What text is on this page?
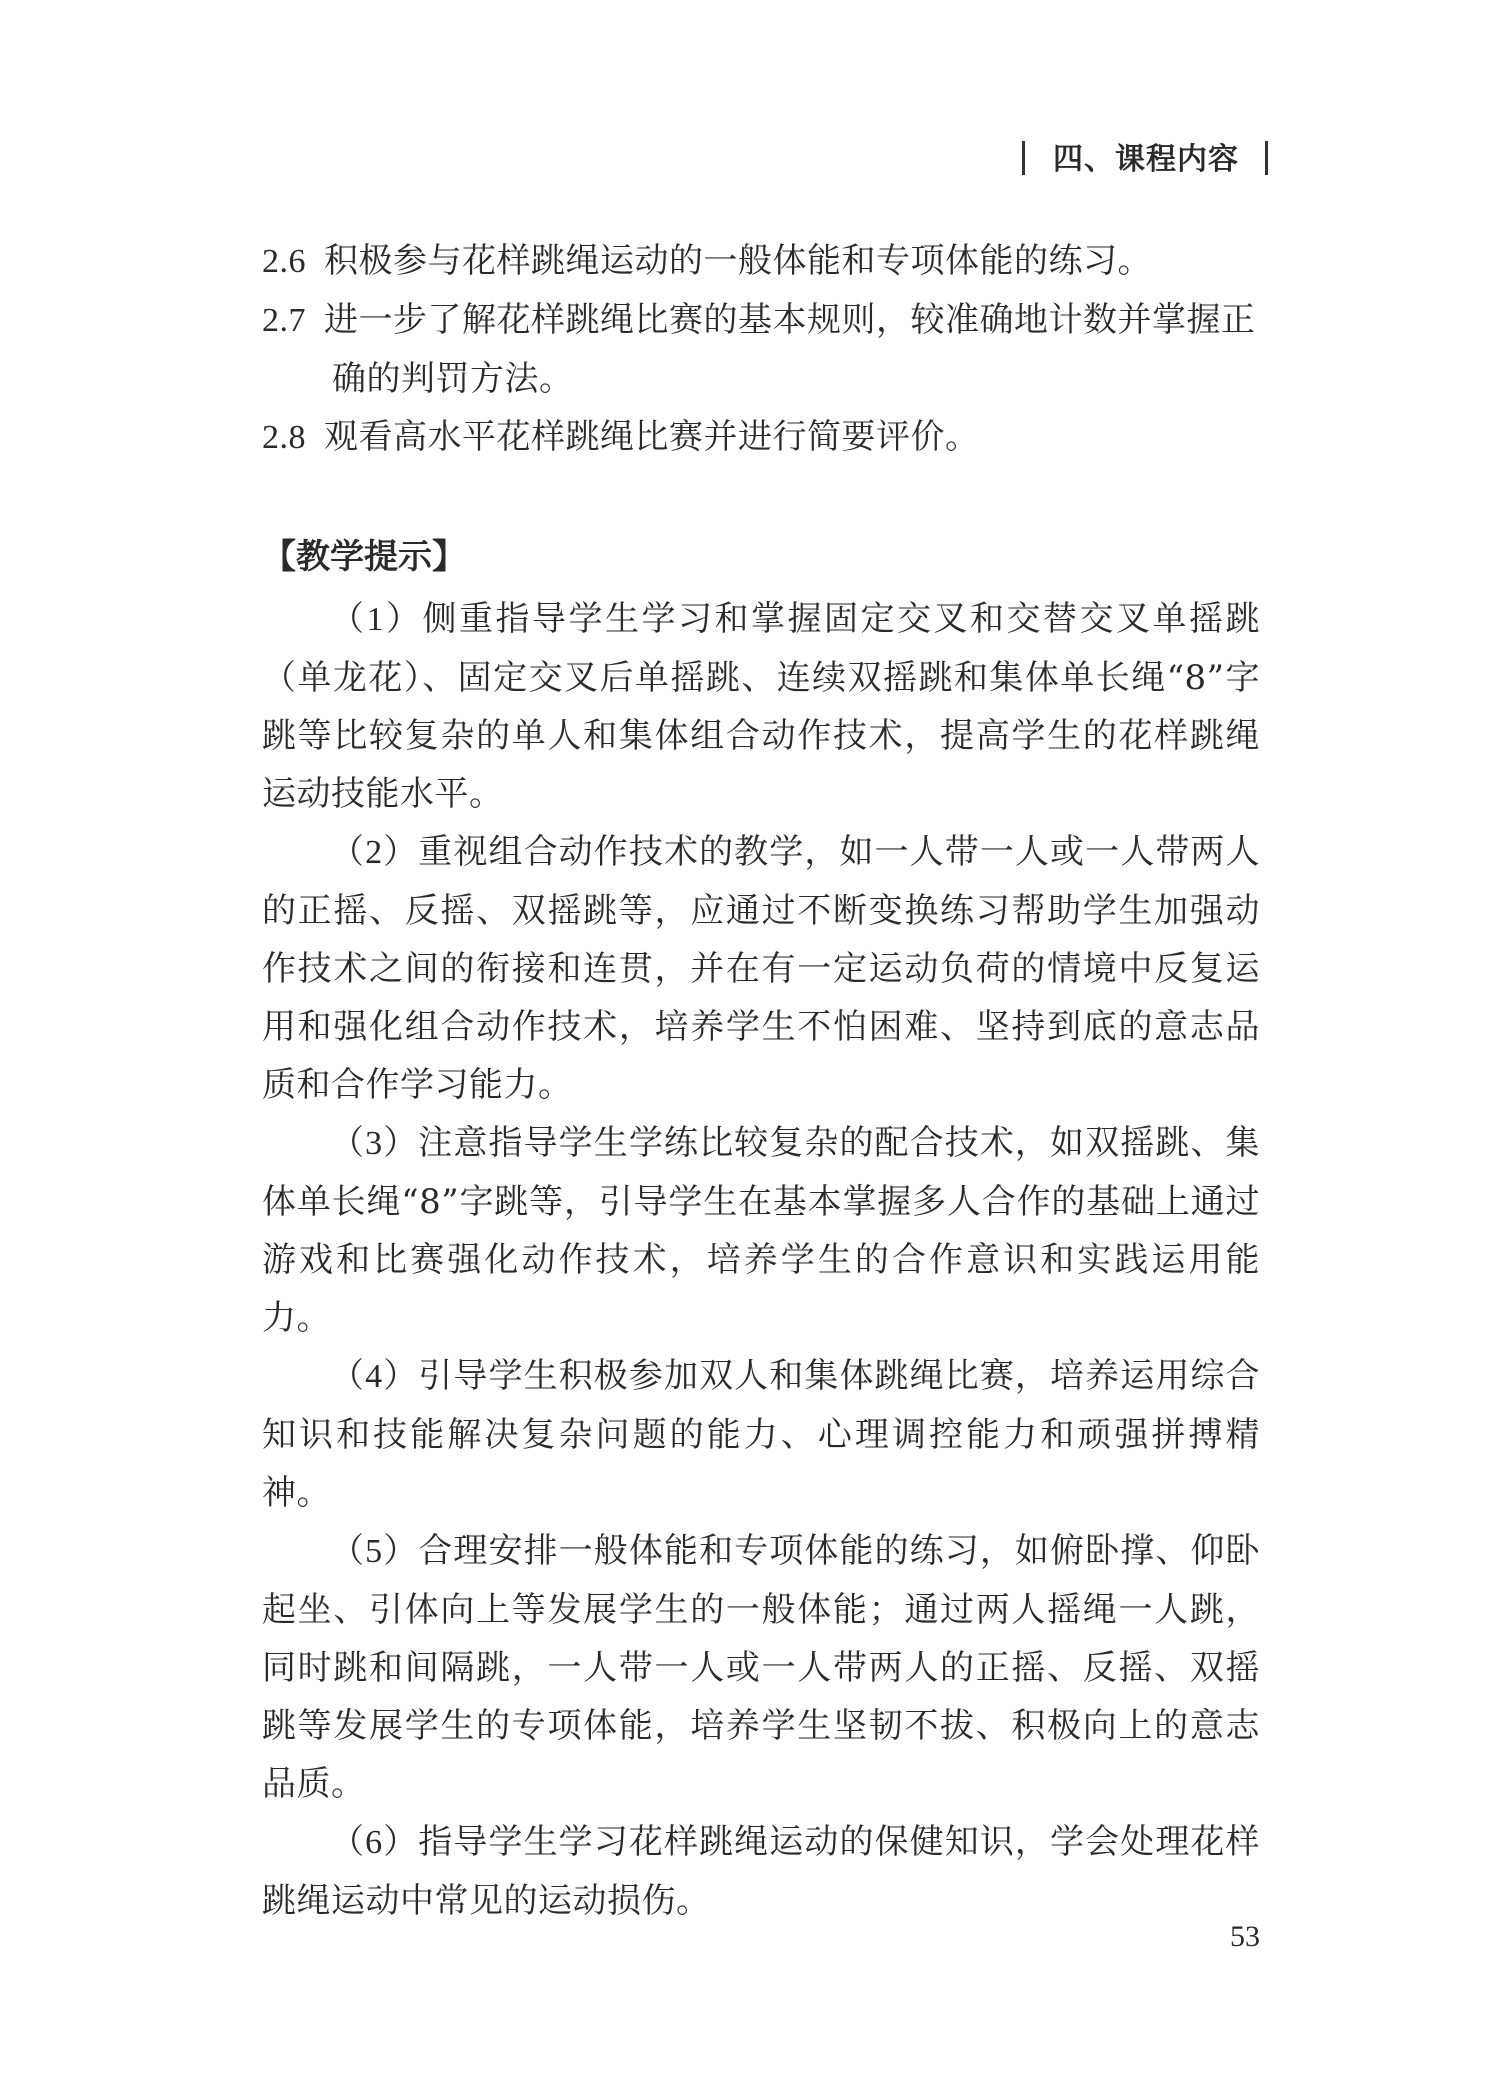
四、课程内容

2.6 积极参与花样跳绳运动的一般体能和专项体能的练习。

2.7 进一步了解花样跳绳比赛的基本规则，较准确地计数并掌握正确的判罚方法。

2.8 观看高水平花样跳绳比赛并进行简要评价。

【教学提示】

（1）侧重指导学生学习和掌握固定交叉和交替交叉单摇跳（单龙花）、固定交叉后单摇跳、连续双摇跳和集体单长绳“8”字跳等比较复杂的单人和集体组合动作技术，提高学生的花样跳绳运动技能水平。

（2）重视组合动作技术的教学，如一人带一人或一人带两人的正摇、反摇、双摇跳等，应通过不断变换练习帮助学生加强动作技术之间的衔接和连贯，并在有一定运动负荷的情境中反复运用和强化组合动作技术，培养学生不怕困难、坚持到底的意志品质和合作学习能力。

（3）注意指导学生学练比较复杂的配合技术，如双摇跳、集体单长绳“8”字跳等，引导学生在基本掌握多人合作的基础上通过游戏和比赛强化动作技术，培养学生的合作意识和实践运用能力。

（4）引导学生积极参加双人和集体跳绳比赛，培养运用综合知识和技能解决复杂问题的能力、心理调控能力和顽强拼搏精神。

（5）合理安排一般体能和专项体能的练习，如俯卧撑、仰卧起坐、引体向上等发展学生的一般体能；通过两人摇绳一人跳，同时跳和间隔跳，一人带一人或一人带两人的正摇、反摇、双摇跳等发展学生的专项体能，培养学生坚韧不拔、积极向上的意志品质。

（6）指导学生学习花样跳绳运动的保健知识，学会处理花样跳绳运动中常见的运动损伤。

53
